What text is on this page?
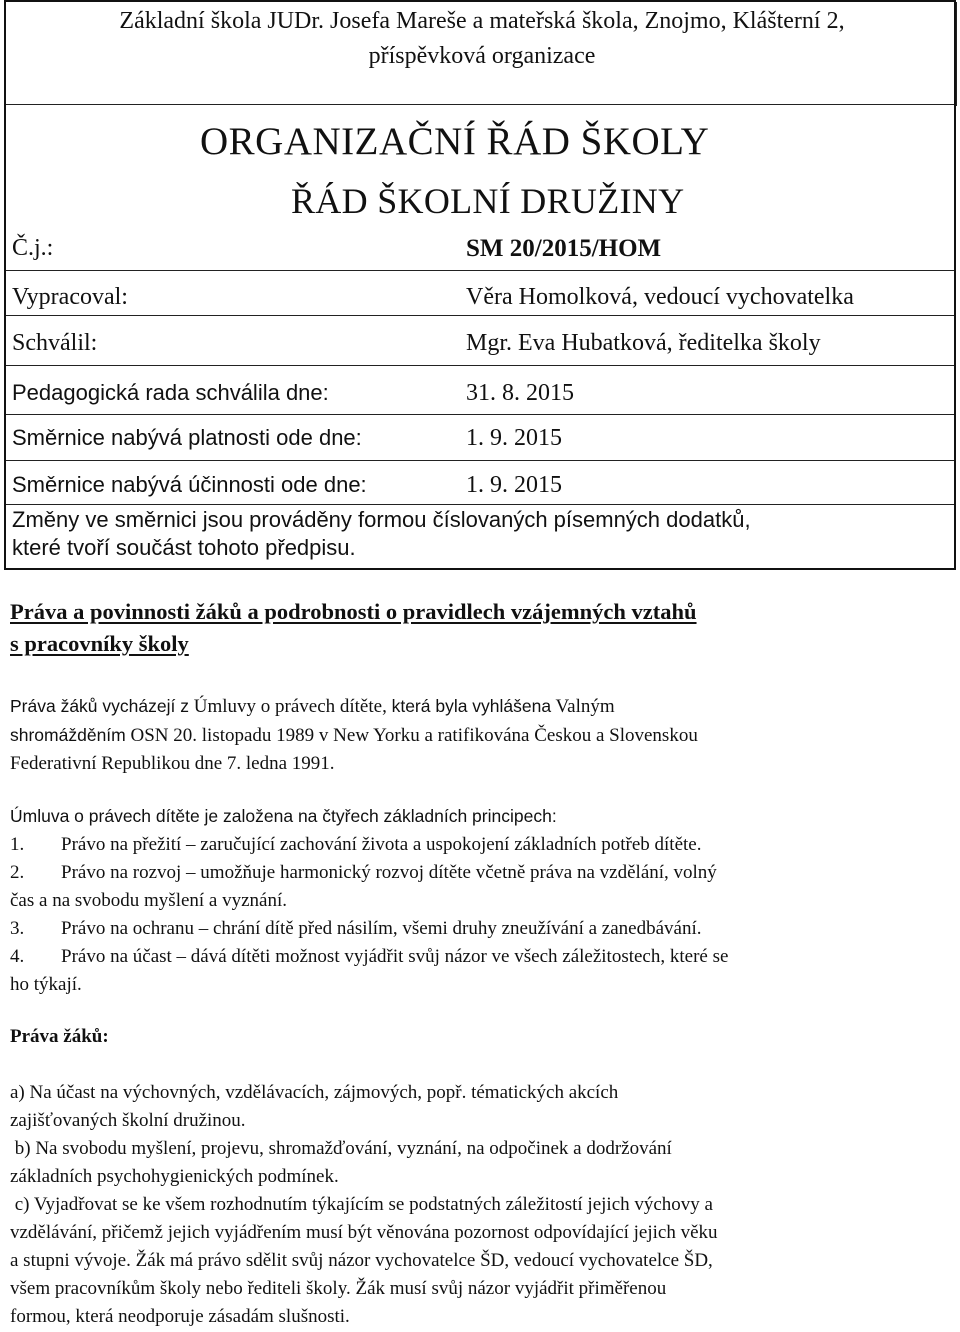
Základní škola JUDr. Josefa Mareše a mateřská škola, Znojmo, Klášterní 2,
příspěvková organizace
ORGANIZAČNÍ ŘÁD ŠKOLY
ŘÁD ŠKOLNÍ DRUŽINY
Č.j.:	SM 20/2015/HOM
Vypracoval:	Věra Homolková, vedoucí vychovatelka
Schválil:	Mgr. Eva Hubatková, ředitelka školy
Pedagogická rada schválila dne:	31. 8. 2015
Směrnice nabývá platnosti ode dne:	1. 9. 2015
Směrnice nabývá účinnosti ode dne:	1. 9. 2015
Změny ve směrnici jsou prováděny formou číslovaných písemných dodatků,
které tvoří součást tohoto předpisu.

Práva a povinnosti žáků a podrobnosti o pravidlech vzájemných vztahů

s pracovníky školy

Práva žáků vycházejí z Úmluvy o právech dítěte, která byla vyhlášena Valným

shromážděním OSN 20. listopadu 1989 v New Yorku a ratifikována Českou a Slovenskou

Federativní Republikou dne 7. ledna 1991.

Úmluva o právech dítěte je založena na čtyřech základních principech:

1. Právo na přežití – zaručující zachování života a uspokojení základních potřeb dítěte.

2. Právo na rozvoj – umožňuje harmonický rozvoj dítěte včetně práva na vzdělání, volný

čas a na svobodu myšlení a vyznání.

3. Právo na ochranu – chrání dítě před násilím, všemi druhy zneužívání a zanedbávání.

4. Právo na účast – dává dítěti možnost vyjádřit svůj názor ve všech záležitostech, které se

ho týkají.

Práva žáků:

a) Na účast na výchovných, vzdělávacích, zájmových, popř. tématických akcích

zajišťovaných školní družinou.

b) Na svobodu myšlení, projevu, shromažďování, vyznání, na odpočinek a dodržování

základních psychohygienických podmínek.

c) Vyjadřovat se ke všem rozhodnutím týkajícím se podstatných záležitostí jejich výchovy a

vzdělávání, přičemž jejich vyjádřením musí být věnována pozornost odpovídající jejich věku

a stupni vývoje. Žák má právo sdělit svůj názor vychovatelce ŠD, vedoucí vychovatelce ŠD,

všem pracovníkům školy nebo řediteli školy. Žák musí svůj názor vyjádřit přiměřenou

formou, která neodporuje zásadám slušnosti.
